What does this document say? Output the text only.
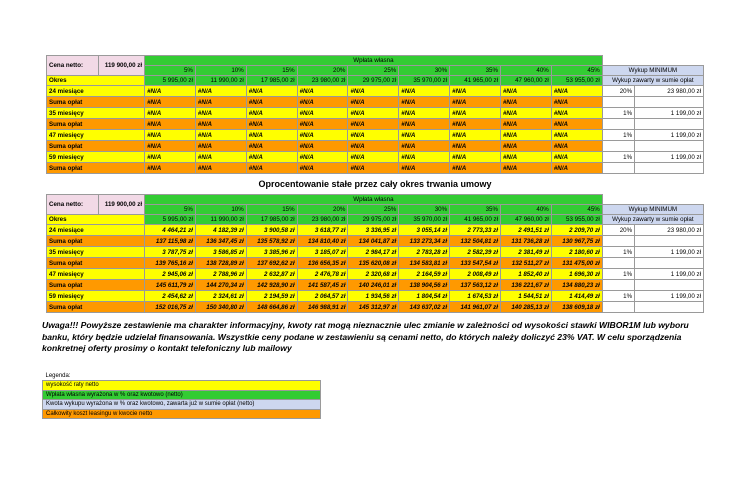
Cena netto:	119 900,00 zł	Wpłata własna										
		5%	10%	15%	20%	25%	30%	35%	40%	45%	Wykup MINIMUM	
Okres		5 995,00 zł	11 990,00 zł	17 985,00 zł	23 980,00 zł	29 975,00 zł	35 970,00 zł	41 965,00 zł	47 960,00 zł	53 955,00 zł	Wykup zawarty w sumie opłat	
24 miesiące		#N/A	#N/A	#N/A	#N/A	#N/A	#N/A	#N/A	#N/A	#N/A	20%	23 980,00 zł
Suma opłat		#N/A	#N/A	#N/A	#N/A	#N/A	#N/A	#N/A	#N/A	#N/A		
35 miesięcy		#N/A	#N/A	#N/A	#N/A	#N/A	#N/A	#N/A	#N/A	#N/A	1%	1 199,00 zł
Suma opłat		#N/A	#N/A	#N/A	#N/A	#N/A	#N/A	#N/A	#N/A	#N/A		
47 miesięcy		#N/A	#N/A	#N/A	#N/A	#N/A	#N/A	#N/A	#N/A	#N/A	1%	1 199,00 zł
Suma opłat		#N/A	#N/A	#N/A	#N/A	#N/A	#N/A	#N/A	#N/A	#N/A		
59 miesięcy		#N/A	#N/A	#N/A	#N/A	#N/A	#N/A	#N/A	#N/A	#N/A	1%	1 199,00 zł
Suma opłat		#N/A	#N/A	#N/A	#N/A	#N/A	#N/A	#N/A	#N/A	#N/A		
Oprocentowanie stałe przez cały okres trwania umowy
Cena netto:	119 900,00 zł	Wpłata własna										
		5%	10%	15%	20%	25%	30%	35%	40%	45%	Wykup MINIMUM	
Okres		5 995,00 zł	11 990,00 zł	17 985,00 zł	23 980,00 zł	29 975,00 zł	35 970,00 zł	41 965,00 zł	47 960,00 zł	53 955,00 zł	Wykup zawarty w sumie opłat	
24 miesiące		4 464,21 zł	4 182,39 zł	3 900,58 zł	3 618,77 zł	3 336,95 zł	3 055,14 zł	2 773,33 zł	2 491,51 zł	2 209,70 zł	20%	23 980,00 zł
Suma opłat		137 115,98 zł	136 347,45 zł	135 578,92 zł	134 810,40 zł	134 041,87 zł	133 273,34 zł	132 504,81 zł	131 736,28 zł	130 967,75 zł		
35 miesięcy		3 787,75 zł	3 586,85 zł	3 385,96 zł	3 185,07 zł	2 984,17 zł	2 783,28 zł	2 582,39 zł	2 381,49 zł	2 180,60 zł	1%	1 199,00 zł
Suma opłat		139 765,16 zł	138 728,89 zł	137 692,62 zł	136 656,35 zł	135 620,08 zł	134 583,81 zł	133 547,54 zł	132 511,27 zł	131 475,00 zł		
47 miesięcy		2 945,06 zł	2 788,96 zł	2 632,87 zł	2 476,78 zł	2 320,68 zł	2 164,59 zł	2 008,49 zł	1 852,40 zł	1 696,30 zł	1%	1 199,00 zł
Suma opłat		145 611,79 zł	144 270,34 zł	142 928,90 zł	141 587,45 zł	140 246,01 zł	138 904,56 zł	137 563,12 zł	136 221,67 zł	134 880,23 zł		
59 miesięcy		2 454,62 zł	2 324,61 zł	2 194,59 zł	2 064,57 zł	1 934,56 zł	1 804,54 zł	1 674,53 zł	1 544,51 zł	1 414,49 zł	1%	1 199,00 zł
Suma opłat		152 016,75 zł	150 340,80 zł	148 664,86 zł	146 988,91 zł	145 312,97 zł	143 637,02 zł	141 961,07 zł	140 285,13 zł	138 609,18 zł		
Uwaga!!! Powyższe zestawienie ma charakter informacyjny, kwoty rat mogą nieznacznie ulec zmianie w zależności od wysokości stawki WIBOR1M lub wyboru banku, który będzie udzielał finansowania. Wszystkie ceny podane w zestawieniu są cenami netto, do których należy doliczyć 23% VAT. W celu sporządzenia konkretnej oferty prosimy o kontakt telefoniczny lub mailowy
Legenda:
wysokość raty netto
Wpłata własna wyrażona w % oraz kwotowo (netto)
Kwota wykupu wyrażona w % oraz kwotowo, zawarta już w sumie opłat (netto)
Całkowity koszt leasingu w kwocie netto
